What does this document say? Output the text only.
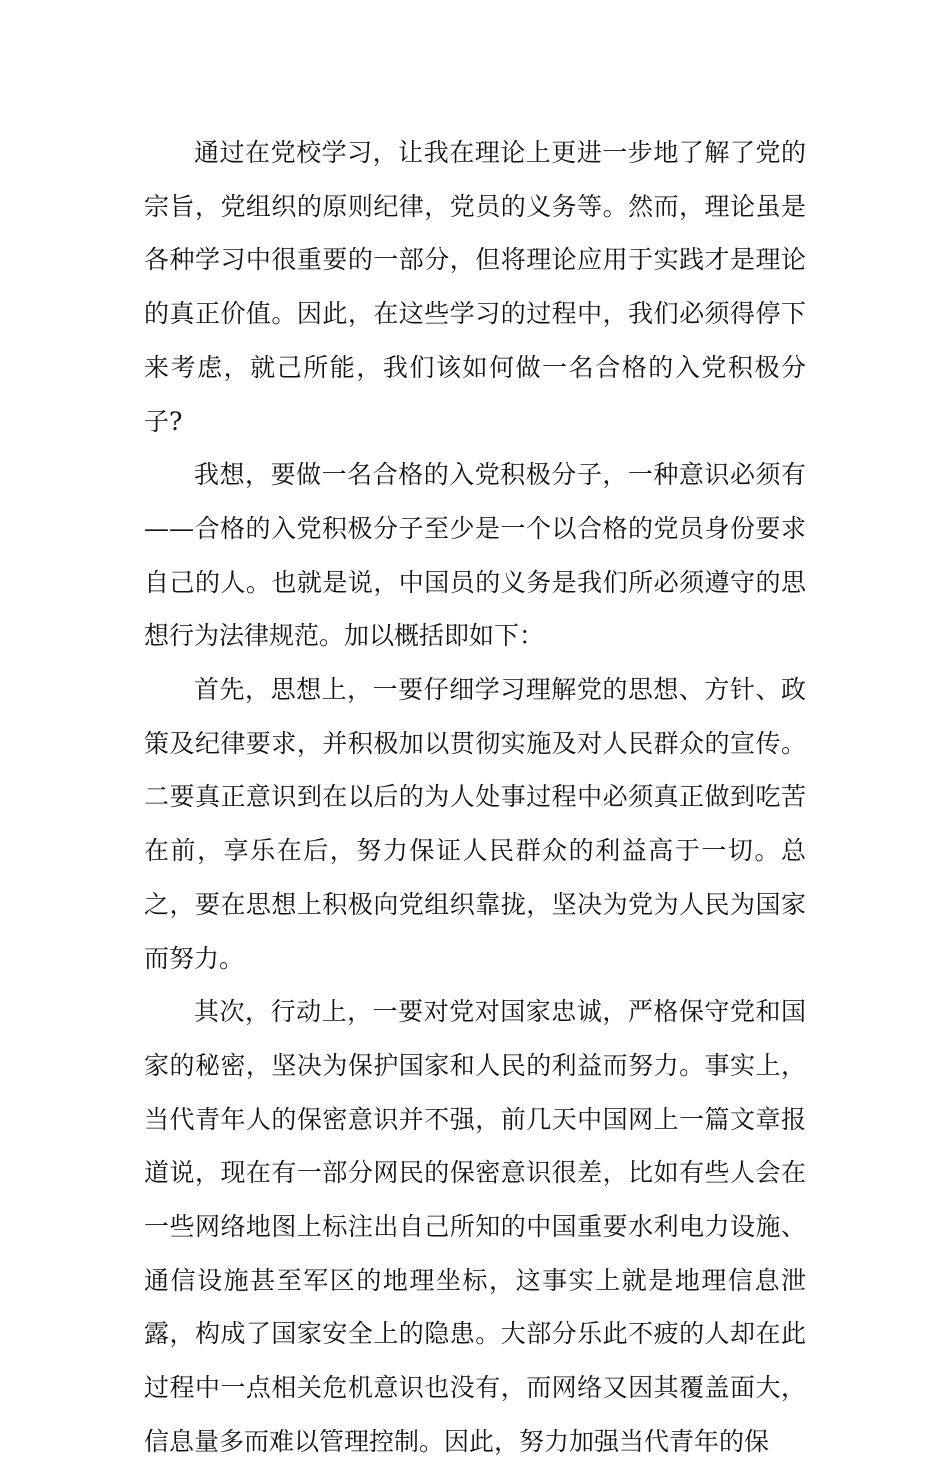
通过在党校学习，让我在理论上更进一步地了解了党的宗旨，党组织的原则纪律，党员的义务等。然而，理论虽是各种学习中很重要的一部分，但将理论应用于实践才是理论的真正价值。因此，在这些学习的过程中，我们必须得停下来考虑，就己所能，我们该如何做一名合格的入党积极分子?

我想，要做一名合格的入党积极分子，一种意识必须有——合格的入党积极分子至少是一个以合格的党员身份要求自己的人。也就是说，中国员的义务是我们所必须遵守的思想行为法律规范。加以概括即如下：

首先，思想上，一要仔细学习理解党的思想、方针、政策及纪律要求，并积极加以贯彻实施及对人民群众的宣传。二要真正意识到在以后的为人处事过程中必须真正做到吃苦在前，享乐在后，努力保证人民群众的利益高于一切。总之，要在思想上积极向党组织靠拢，坚决为党为人民为国家而努力。

其次，行动上，一要对党对国家忠诚，严格保守党和国家的秘密，坚决为保护国家和人民的利益而努力。事实上，当代青年人的保密意识并不强，前几天中国网上一篇文章报道说，现在有一部分网民的保密意识很差，比如有些人会在一些网络地图上标注出自己所知的中国重要水利电力设施、通信设施甚至军区的地理坐标，这事实上就是地理信息泄露，构成了国家安全上的隐患。大部分乐此不疲的人却在此过程中一点相关危机意识也没有，而网络又因其覆盖面大，信息量多而难以管理控制。因此，努力加强当代青年的保
